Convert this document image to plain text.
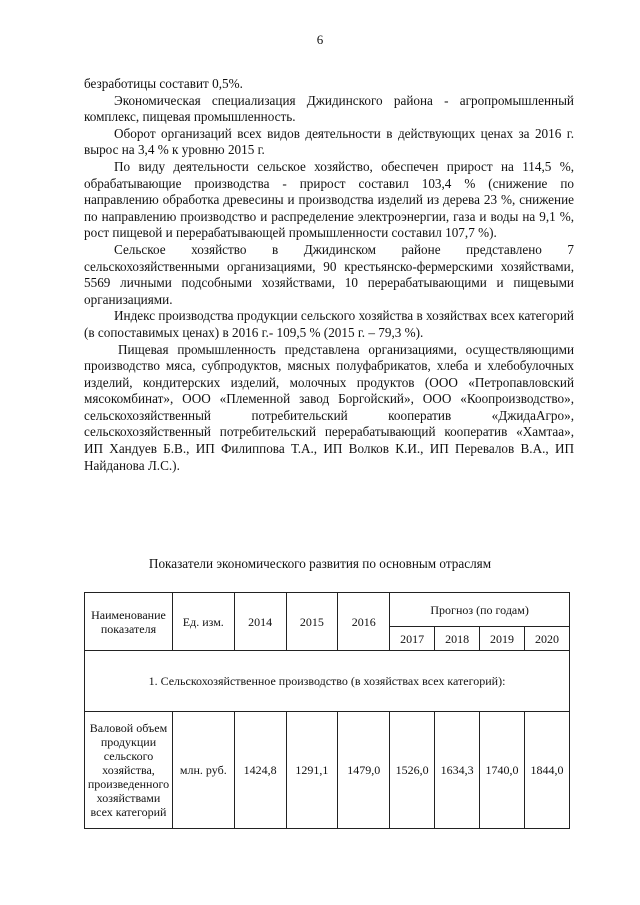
6

безработицы составит 0,5%.

Экономическая специализация Джидинского района - агропромышленный комплекс, пищевая промышленность.

Оборот организаций всех видов деятельности в действующих ценах за 2016 г. вырос на 3,4 % к уровню 2015 г.

По виду деятельности сельское хозяйство, обеспечен прирост на 114,5 %, обрабатывающие производства - прирост составил 103,4 % (снижение по направлению обработка древесины и производства изделий из дерева 23 %, снижение по направлению производство и распределение электроэнергии, газа и воды на 9,1 %, рост пищевой и перерабатывающей промышленности составил 107,7 %).

Сельское хозяйство в Джидинском районе представлено 7 сельскохозяйственными организациями, 90 крестьянско-фермерскими хозяйствами, 5569 личными подсобными хозяйствами, 10 перерабатывающими и пищевыми организациями.

Индекс производства продукции сельского хозяйства в хозяйствах всех категорий (в сопоставимых ценах) в 2016 г.- 109,5 % (2015 г. – 79,3 %).

Пищевая промышленность представлена организациями, осуществляющими производство мяса, субпродуктов, мясных полуфабрикатов, хлеба и хлебобулочных изделий, кондитерских изделий, молочных продуктов (ООО «Петропавловский мясокомбинат», ООО «Племенной завод Боргойский», ООО «Коопроизводство», сельскохозяйственный потребительский кооператив «ДжидаАгро», сельскохозяйственный потребительский перерабатывающий кооператив «Хамтаа», ИП Хандуев Б.В., ИП Филиппова Т.А., ИП Волков К.И., ИП Перевалов В.А., ИП Найданова Л.С.).

Показатели экономического развития по основным отраслям
Наименование показателя	Ед. изм.	2014	2015	2016	Прогноз (по годам)			
					2017	2018	2019	2020
1. Сельскохозяйственное производство (в хозяйствах всех категорий):								
Валовой объем продукции сельского хозяйства, произведенного хозяйствами всех категорий	млн. руб.	1424,8	1291,1	1479,0	1526,0	1634,3	1740,0	1844,0
